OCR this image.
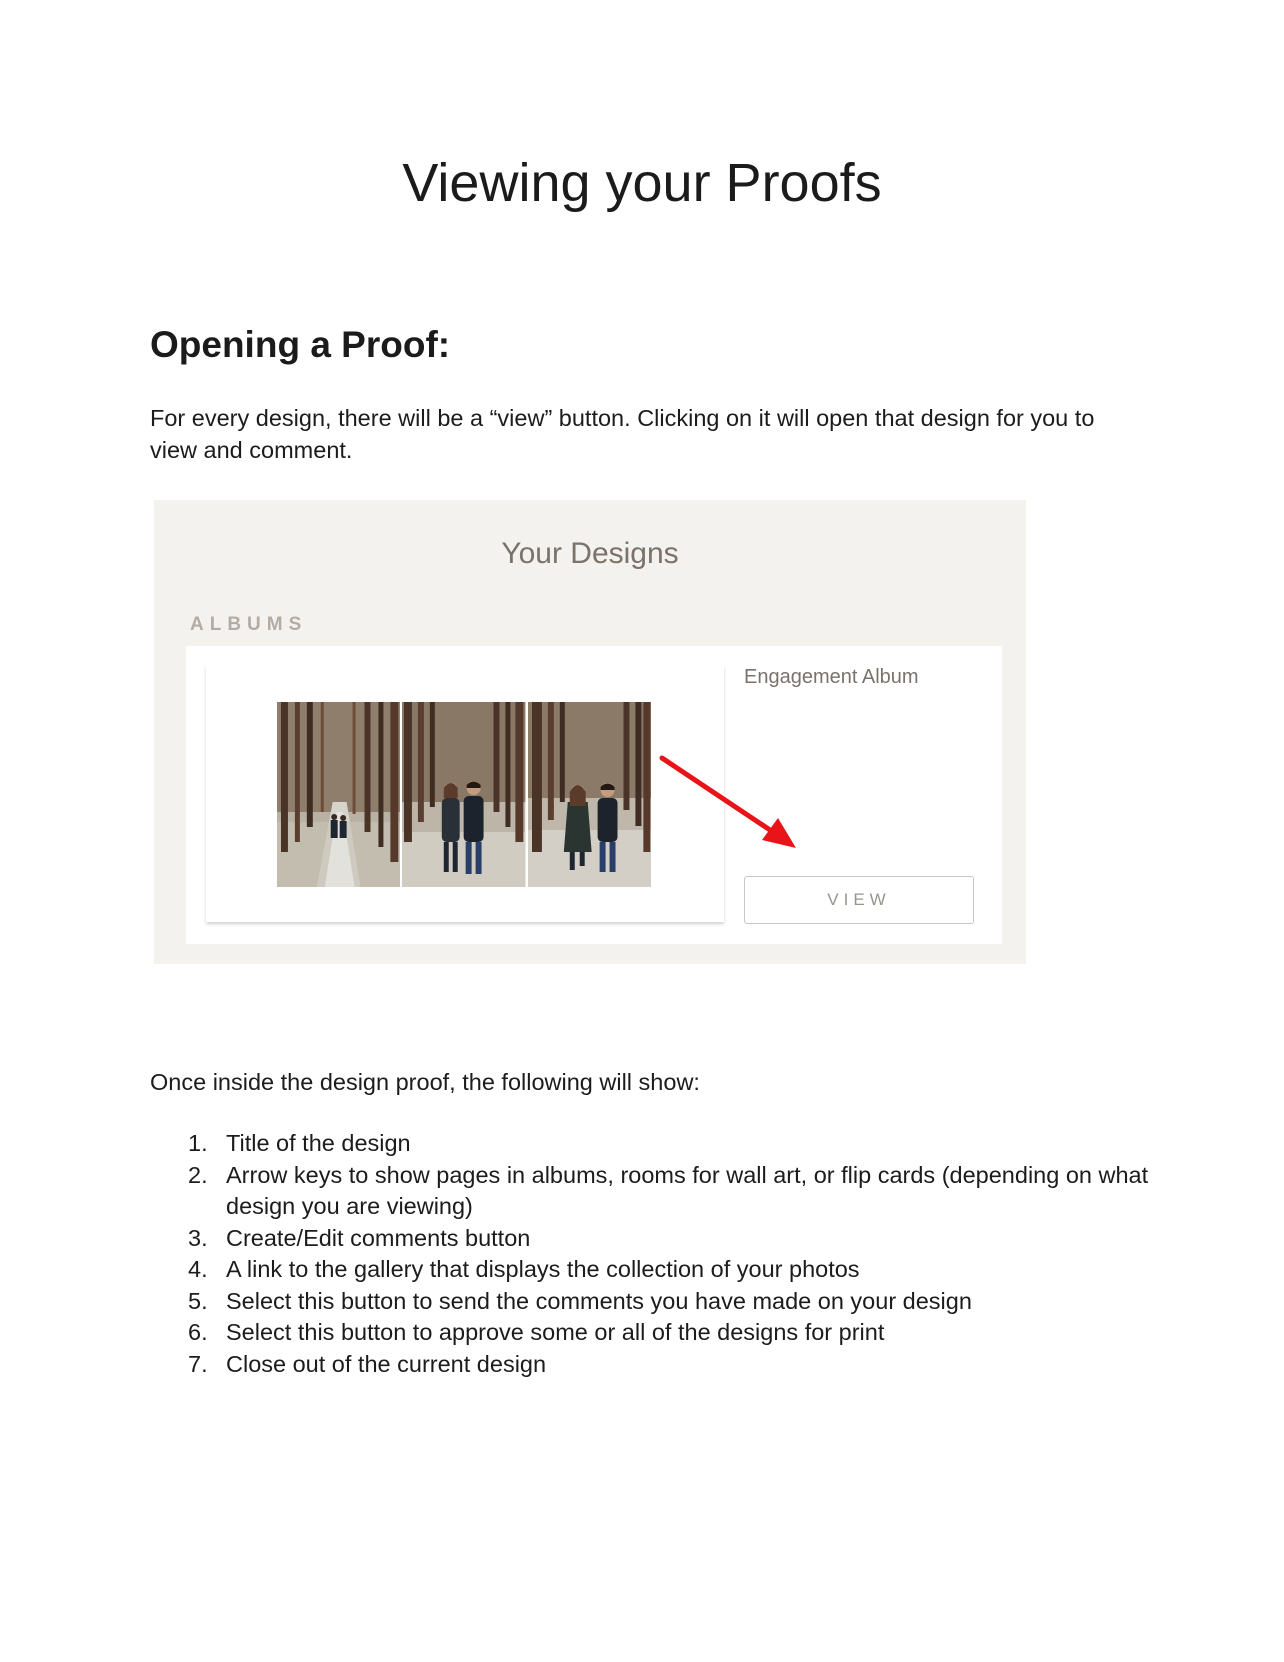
Viewing your Proofs
Opening a Proof:

For every design, there will be a “view” button. Clicking on it will open that design for you to view and comment.

Your Designs
ALBUMS
Engagement Album
VIEW

Once inside the design proof, the following will show:

1. Title of the design
2. Arrow keys to show pages in albums, rooms for wall art, or flip cards (depending on what design you are viewing)
3. Create/Edit comments button
4. A link to the gallery that displays the collection of your photos
5. Select this button to send the comments you have made on your design
6. Select this button to approve some or all of the designs for print
7. Close out of the current design
